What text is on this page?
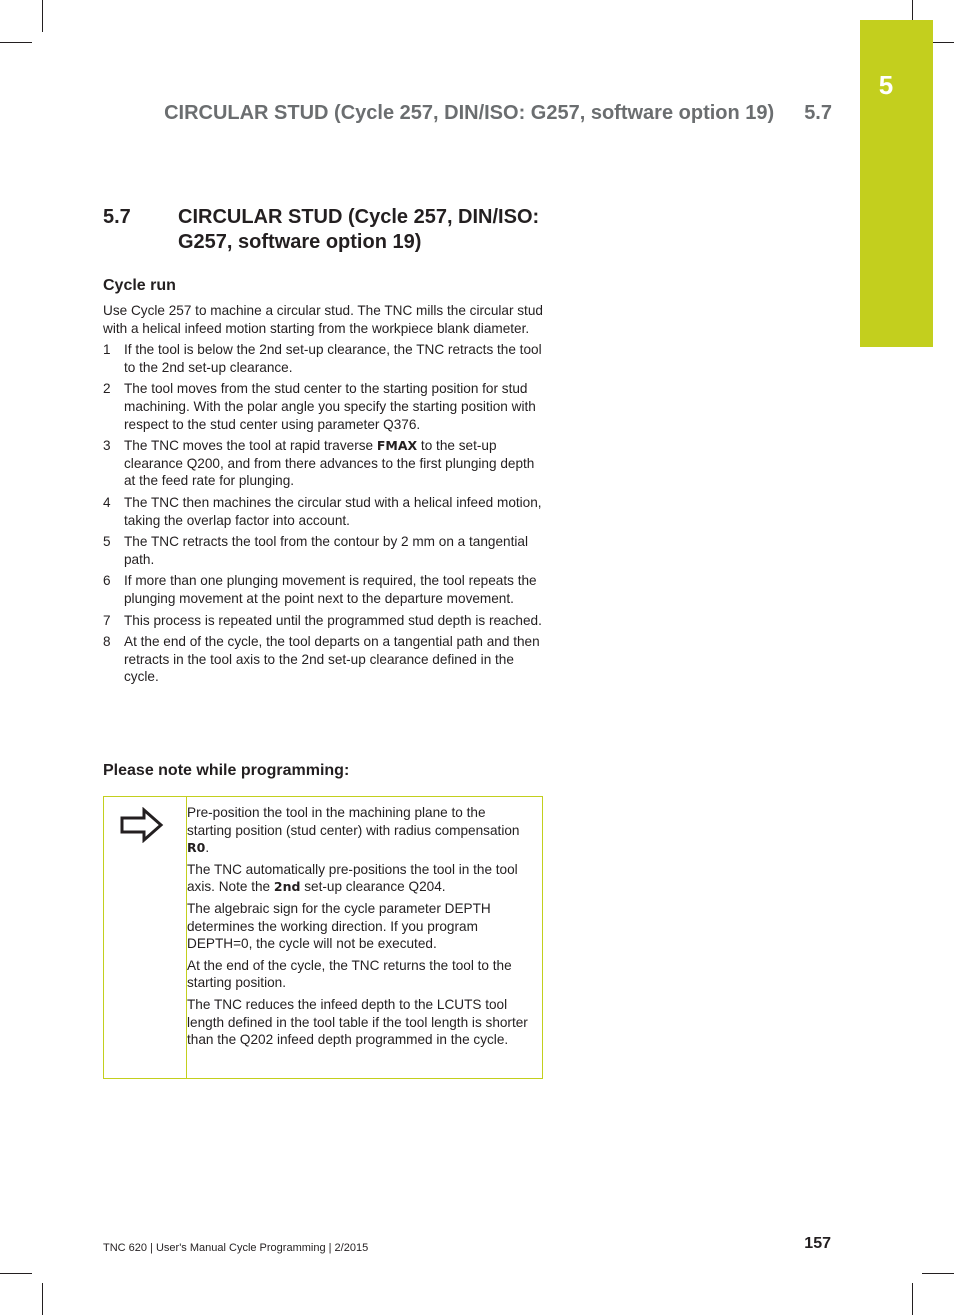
5
CIRCULAR STUD (Cycle 257, DIN/ISO: G257, software option 19) 5.7
5.7 CIRCULAR STUD (Cycle 257, DIN/ISO: G257, software option 19)
Cycle run

Use Cycle 257 to machine a circular stud. The TNC mills the circular stud with a helical infeed motion starting from the workpiece blank diameter.

1 If the tool is below the 2nd set-up clearance, the TNC retracts the tool to the 2nd set-up clearance.
2 The tool moves from the stud center to the starting position for stud machining. With the polar angle you specify the starting position with respect to the stud center using parameter Q376.
3 The TNC moves the tool at rapid traverse FMAX to the set-up clearance Q200, and from there advances to the first plunging depth at the feed rate for plunging.
4 The TNC then machines the circular stud with a helical infeed motion, taking the overlap factor into account.
5 The TNC retracts the tool from the contour by 2 mm on a tangential path.
6 If more than one plunging movement is required, the tool repeats the plunging movement at the point next to the departure movement.
7 This process is repeated until the programmed stud depth is reached.
8 At the end of the cycle, the tool departs on a tangential path and then retracts in the tool axis to the 2nd set-up clearance defined in the cycle.
Please note while programming:

Pre-position the tool in the machining plane to the starting position (stud center) with radius compensation R0.

The TNC automatically pre-positions the tool in the tool axis. Note the 2nd set-up clearance Q204.

The algebraic sign for the cycle parameter DEPTH determines the working direction. If you program DEPTH=0, the cycle will not be executed.

At the end of the cycle, the TNC returns the tool to the starting position.

The TNC reduces the infeed depth to the LCUTS tool length defined in the tool table if the tool length is shorter than the Q202 infeed depth programmed in the cycle.

TNC 620 | User's Manual Cycle Programming | 2/2015	157
